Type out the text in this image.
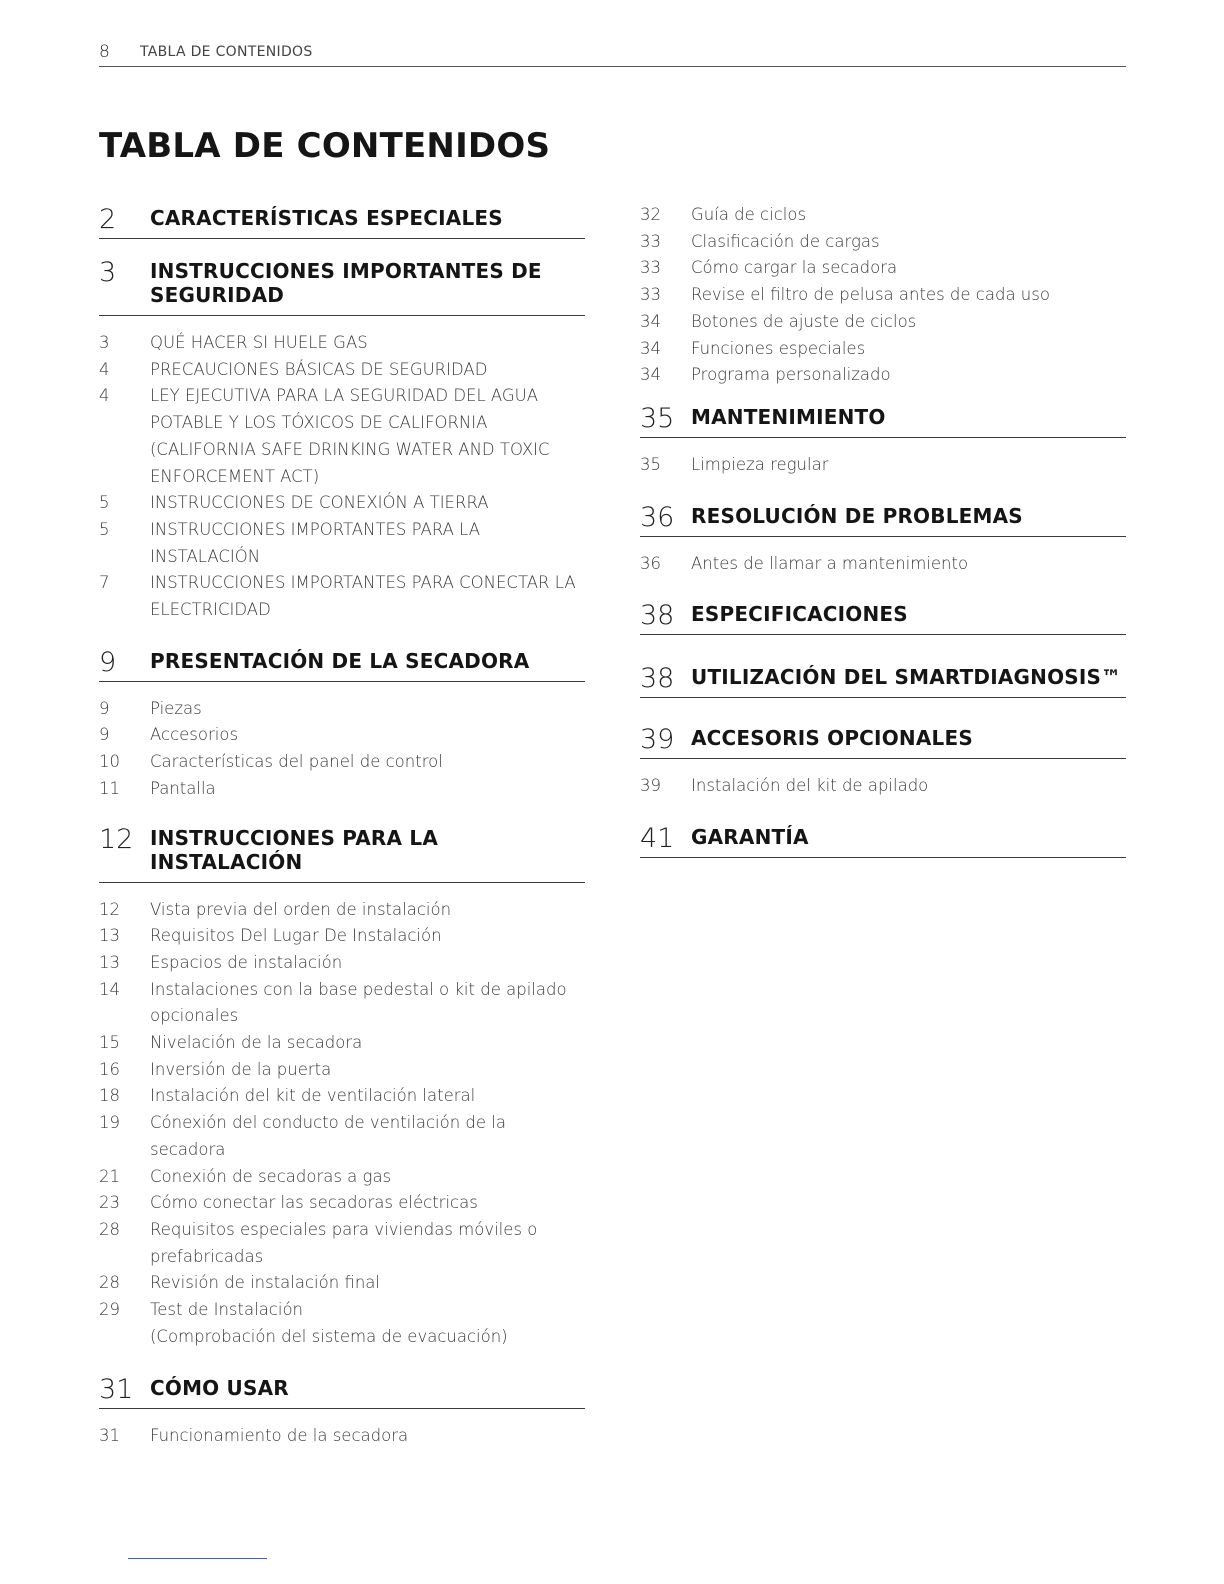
8 TABLA DE CONTENIDOS
TABLA DE CONTENIDOS
2	CARACTERÍSTICAS ESPECIALES
3	INSTRUCCIONES IMPORTANTES DE SEGURIDAD
3	QUÉ HACER SI HUELE GAS
4	PRECAUCIONES BÁSICAS DE SEGURIDAD
4	LEY EJECUTIVA PARA LA SEGURIDAD DEL AGUA POTABLE Y LOS TÓXICOS DE CALIFORNIA (CALIFORNIA SAFE DRINKING WATER AND TOXIC ENFORCEMENT ACT)
5	INSTRUCCIONES DE CONEXIÓN A TIERRA
5	INSTRUCCIONES IMPORTANTES PARA LA INSTALACIÓN
7	INSTRUCCIONES IMPORTANTES PARA CONECTAR LA ELECTRICIDAD
9	PRESENTACIÓN DE LA SECADORA
9	Piezas
9	Accesorios
10	Características del panel de control
11	Pantalla
12 INSTRUCCIONES PARA LA INSTALACIÓN
12	Vista previa del orden de instalación
13	Requisitos Del Lugar De Instalación
13	Espacios de instalación
14	Instalaciones con la base pedestal o kit de apilado opcionales
15	Nivelación de la secadora
16	Inversión de la puerta
18	Instalación del kit de ventilación lateral
19	Cónexión del conducto de ventilación de la secadora
21	Conexión de secadoras a gas
23	Cómo conectar las secadoras eléctricas
28	Requisitos especiales para viviendas móviles o prefabricadas
28	Revisión de instalación final
29	Test de Instalación
(Comprobación del sistema de evacuación)
31 CÓMO USAR
31	Funcionamiento de la secadora
32	Guía de ciclos
33	Clasificación de cargas
33	Cómo cargar la secadora
33	Revise el filtro de pelusa antes de cada uso
34	Botones de ajuste de ciclos
34	Funciones especiales
34	Programa personalizado
35 MANTENIMIENTO
35	Limpieza regular
36 RESOLUCIÓN DE PROBLEMAS
36	Antes de llamar a mantenimiento
38 ESPECIFICACIONES
38 UTILIZACIÓN DEL SMARTDIAGNOSIS™
39 ACCESORIS OPCIONALES
39	Instalación del kit de apilado
41 GARANTÍA
